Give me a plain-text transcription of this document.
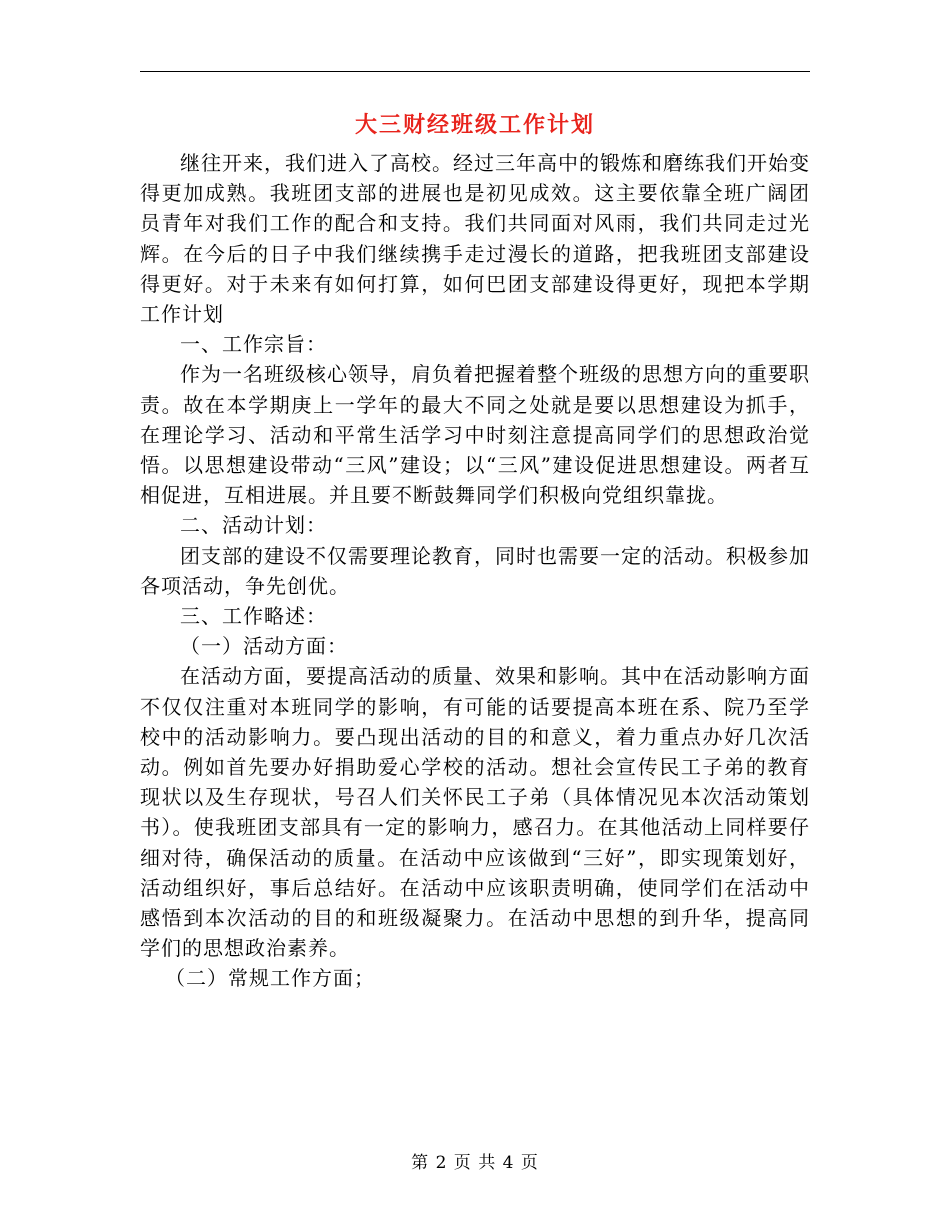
大三财经班级工作计划

继往开来，我们进入了高校。经过三年高中的锻炼和磨练我们开始变得更加成熟。我班团支部的进展也是初见成效。这主要依靠全班广阔团员青年对我们工作的配合和支持。我们共同面对风雨，我们共同走过光辉。在今后的日子中我们继续携手走过漫长的道路，把我班团支部建设得更好。对于未来有如何打算，如何巴团支部建设得更好，现把本学期工作计划

一、工作宗旨：

作为一名班级核心领导，肩负着把握着整个班级的思想方向的重要职责。故在本学期庚上一学年的最大不同之处就是要以思想建设为抓手，在理论学习、活动和平常生活学习中时刻注意提高同学们的思想政治觉悟。以思想建设带动“三风”建设；以“三风”建设促进思想建设。两者互相促进，互相进展。并且要不断鼓舞同学们积极向党组织靠拢。

二、活动计划：

团支部的建设不仅需要理论教育，同时也需要一定的活动。积极参加各项活动，争先创优。

三、工作略述：

（一）活动方面：

在活动方面，要提高活动的质量、效果和影响。其中在活动影响方面不仅仅注重对本班同学的影响，有可能的话要提高本班在系、院乃至学校中的活动影响力。要凸现出活动的目的和意义，着力重点办好几次活动。例如首先要办好捐助爱心学校的活动。想社会宣传民工子弟的教育现状以及生存现状，号召人们关怀民工子弟（具体情况见本次活动策划书）。使我班团支部具有一定的影响力，感召力。在其他活动上同样要仔细对待，确保活动的质量。在活动中应该做到“三好”，即实现策划好，活动组织好，事后总结好。在活动中应该职责明确，使同学们在活动中感悟到本次活动的目的和班级凝聚力。在活动中思想的到升华，提高同学们的思想政治素养。

（二）常规工作方面；

第 2 页 共 4 页
